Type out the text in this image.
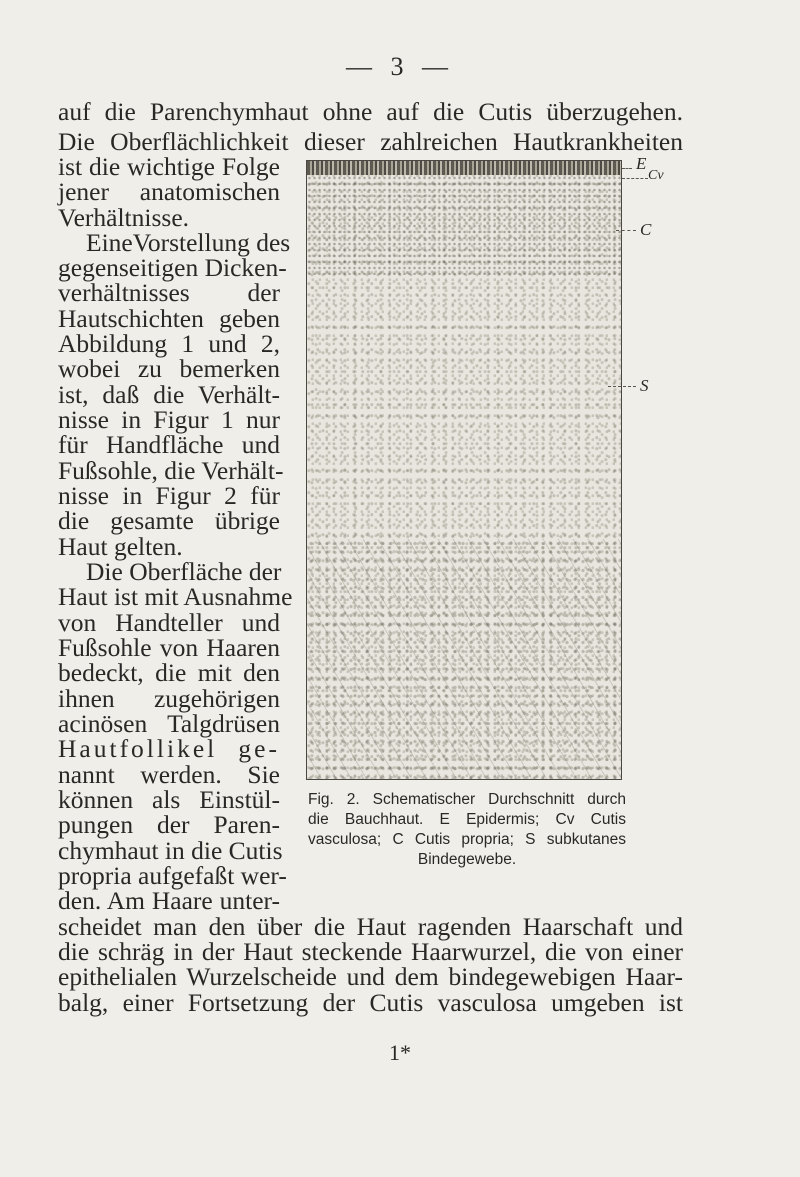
— 3 —
auf die Parenchymhaut ohne auf die Cutis überzugehen.
Die Oberflächlichkeit dieser zahlreichen Hautkrankheiten
ist die wichtige Folge
jener anatomischen
Verhältnisse.
EineVorstellung des
gegenseitigen Dicken-
verhältnisses der
Hautschichten geben
Abbildung 1 und 2,
wobei zu bemerken
ist, daß die Verhält-
nisse in Figur 1 nur
für Handfläche und
Fußsohle, die Verhält-
nisse in Figur 2 für
die gesamte übrige
Haut gelten.
Die Oberfläche der
Haut ist mit Ausnahme
von Handteller und
Fußsohle von Haaren
bedeckt, die mit den
ihnen zugehörigen
acinösen Talgdrüsen
Hautfollikel ge-
nannt werden. Sie
können als Einstül-
pungen der Paren-
chymhaut in die Cutis
propria aufgefaßt wer-
den. Am Haare unter-
scheidet man den über die Haut ragenden Haarschaft und
die schräg in der Haut steckende Haarwurzel, die von einer
epithelialen Wurzelscheide und dem bindegewebigen Haar-
balg, einer Fortsetzung der Cutis vasculosa umgeben ist
E
Cv
C
S
Fig. 2. Schematischer Durchschnitt durch
die Bauchhaut. E Epidermis; Cv Cutis
vasculosa; C Cutis propria; S subkutanes
Bindegewebe.
1*
